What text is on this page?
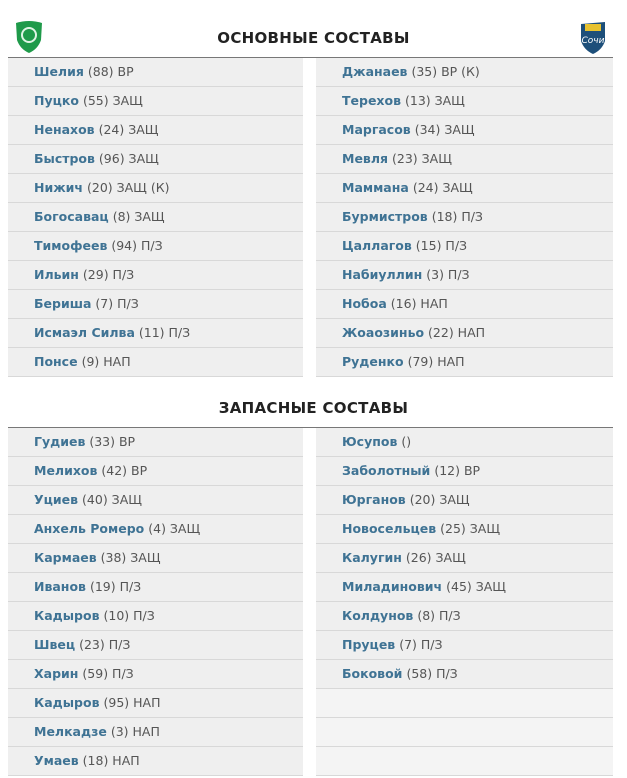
ОСНОВНЫЕ СОСТАВЫ	Сочи
Шелия (88) ВР
Пуцко (55) ЗАЩ
Ненахов (24) ЗАЩ
Быстров (96) ЗАЩ
Нижич (20) ЗАЩ (К)
Богосавац (8) ЗАЩ
Тимофеев (94) П/З
Ильин (29) П/З
Бериша (7) П/З
Исмаэл Силва (11) П/З
Понсе (9) НАП
Джанаев (35) ВР (К)
Терехов (13) ЗАЩ
Маргасов (34) ЗАЩ
Мевля (23) ЗАЩ
Маммана (24) ЗАЩ
Бурмистров (18) П/З
Цаллагов (15) П/З
Набиуллин (3) П/З
Нобоа (16) НАП
Жоаозиньо (22) НАП
Руденко (79) НАП
ЗАПАСНЫЕ СОСТАВЫ
Гудиев (33) ВР
Мелихов (42) ВР
Уциев (40) ЗАЩ
Анхель Ромеро (4) ЗАЩ
Кармаев (38) ЗАЩ
Иванов (19) П/З
Кадыров (10) П/З
Швец (23) П/З
Харин (59) П/З
Кадыров (95) НАП
Мелкадзе (3) НАП
Умаев (18) НАП
Юсупов ()
Заболотный (12) ВР
Юрганов (20) ЗАЩ
Новосельцев (25) ЗАЩ
Калугин (26) ЗАЩ
Миладинович (45) ЗАЩ
Колдунов (8) П/З
Пруцев (7) П/З
Боковой (58) П/З
